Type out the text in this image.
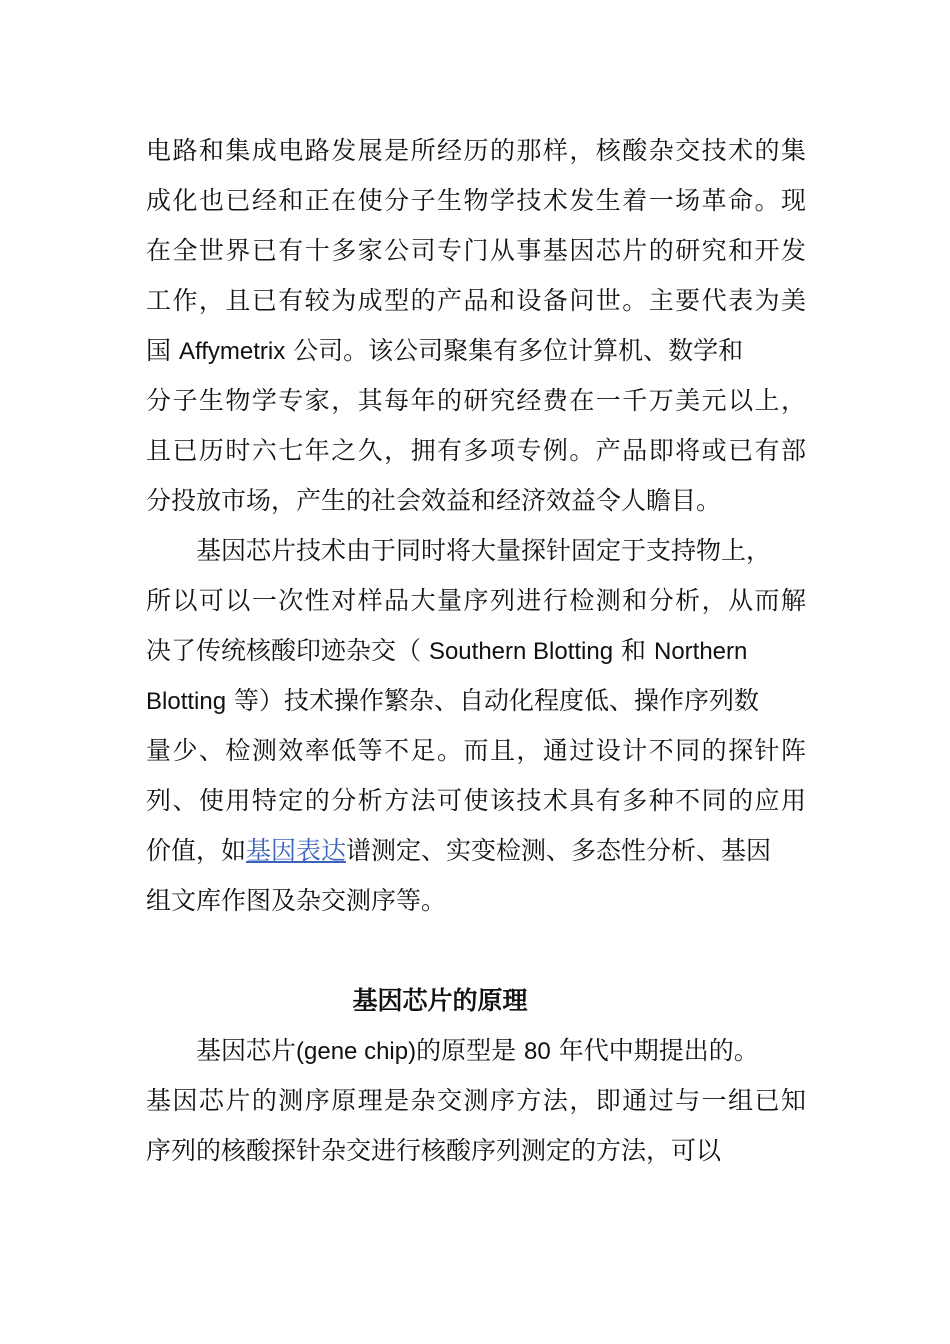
电路和集成电路发展是所经历的那样，核酸杂交技术的集
成化也已经和正在使分子生物学技术发生着一场革命。现
在全世界已有十多家公司专门从事基因芯片的研究和开发
工作，且已有较为成型的产品和设备问世。主要代表为美
国 Affymetrix 公司。该公司聚集有多位计算机、数学和
分子生物学专家，其每年的研究经费在一千万美元以上，
且已历时六七年之久，拥有多项专例。产品即将或已有部
分投放市场，产生的社会效益和经济效益令人瞻目。
基因芯片技术由于同时将大量探针固定于支持物上，
所以可以一次性对样品大量序列进行检测和分析，从而解
决了传统核酸印迹杂交（ Southern Blotting 和 Northern
Blotting 等）技术操作繁杂、自动化程度低、操作序列数
量少、检测效率低等不足。而且，通过设计不同的探针阵
列、使用特定的分析方法可使该技术具有多种不同的应用
价值，如基因表达谱测定、实变检测、多态性分析、基因
组文库作图及杂交测序等。
基因芯片的原理
基因芯片(gene chip)的原型是 80 年代中期提出的。
基因芯片的测序原理是杂交测序方法，即通过与一组已知
序列的核酸探针杂交进行核酸序列测定的方法，可以
